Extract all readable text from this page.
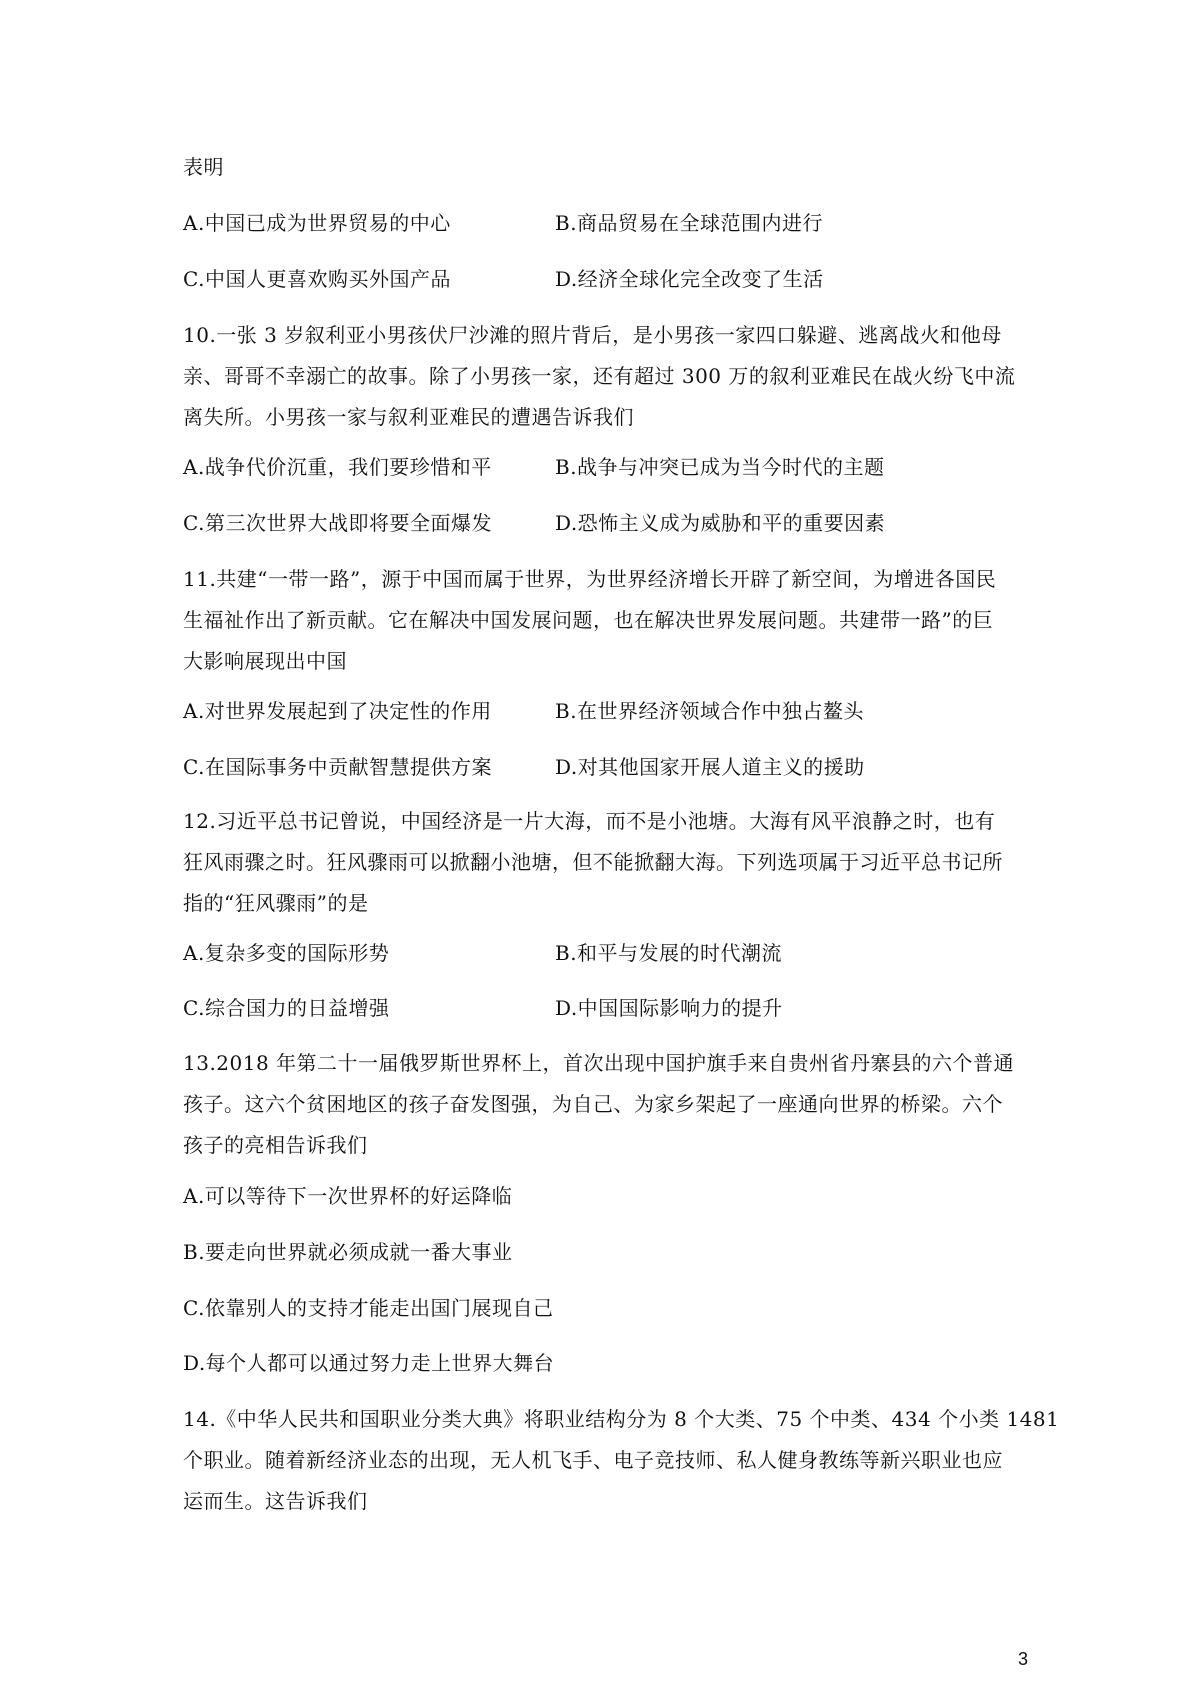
表明
A.中国已成为世界贸易的中心	B.商品贸易在全球范围内进行
C.中国人更喜欢购买外国产品	D.经济全球化完全改变了生活
10.一张 3 岁叙利亚小男孩伏尸沙滩的照片背后，是小男孩一家四口躲避、逃离战火和他母
亲、哥哥不幸溺亡的故事。除了小男孩一家，还有超过 300 万的叙利亚难民在战火纷飞中流
离失所。小男孩一家与叙利亚难民的遭遇告诉我们
A.战争代价沉重，我们要珍惜和平	B.战争与冲突已成为当今时代的主题
C.第三次世界大战即将要全面爆发	D.恐怖主义成为威胁和平的重要因素
11.共建“一带一路”，源于中国而属于世界，为世界经济增长开辟了新空间，为增进各国民
生福祉作出了新贡献。它在解决中国发展问题，也在解决世界发展问题。共建带一路”的巨
大影响展现出中国
A.对世界发展起到了决定性的作用	B.在世界经济领域合作中独占鳌头
C.在国际事务中贡献智慧提供方案	D.对其他国家开展人道主义的援助
12.习近平总书记曾说，中国经济是一片大海，而不是小池塘。大海有风平浪静之时，也有
狂风雨骤之时。狂风骤雨可以掀翻小池塘，但不能掀翻大海。下列选项属于习近平总书记所
指的“狂风骤雨”的是
A.复杂多变的国际形势	B.和平与发展的时代潮流
C.综合国力的日益增强	D.中国国际影响力的提升
13.2018 年第二十一届俄罗斯世界杯上，首次出现中国护旗手来自贵州省丹寨县的六个普通
孩子。这六个贫困地区的孩子奋发图强，为自己、为家乡架起了一座通向世界的桥梁。六个
孩子的亮相告诉我们
A.可以等待下一次世界杯的好运降临
B.要走向世界就必须成就一番大事业
C.依靠别人的支持才能走出国门展现自己
D.每个人都可以通过努力走上世界大舞台
14.《中华人民共和国职业分类大典》将职业结构分为 8 个大类、75 个中类、434 个小类 1481
个职业。随着新经济业态的出现，无人机飞手、电子竞技师、私人健身教练等新兴职业也应
运而生。这告诉我们
3
